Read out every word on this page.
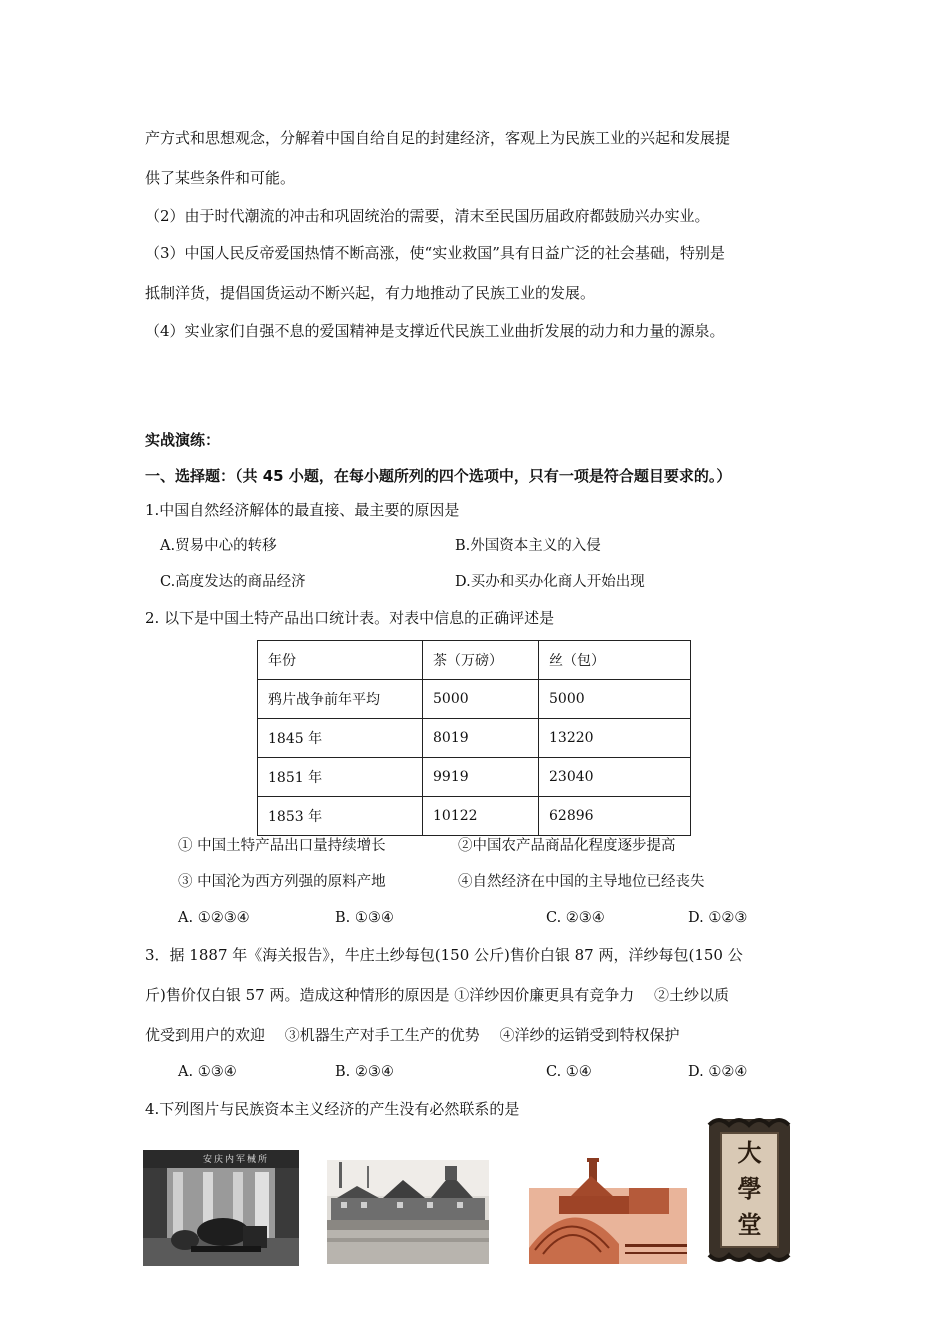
产方式和思想观念，分解着中国自给自足的封建经济，客观上为民族工业的兴起和发展提
供了某些条件和可能。
（2）由于时代潮流的冲击和巩固统治的需要，清末至民国历届政府都鼓励兴办实业。
（3）中国人民反帝爱国热情不断高涨，使“实业救国”具有日益广泛的社会基础，特别是
抵制洋货，提倡国货运动不断兴起，有力地推动了民族工业的发展。
（4）实业家们自强不息的爱国精神是支撑近代民族工业曲折发展的动力和力量的源泉。
实战演练：
一、选择题：（共 45 小题，在每小题所列的四个选项中，只有一项是符合题目要求的。）
1.中国自然经济解体的最直接、最主要的原因是
A.贸易中心的转移	B.外国资本主义的入侵
C.高度发达的商品经济	D.买办和买办化商人开始出现
2. 以下是中国土特产品出口统计表。对表中信息的正确评述是
年份	茶（万磅）	丝（包）
鸦片战争前年平均	5000	5000
1845 年	8019	13220
1851 年	9919	23040
1853 年	10122	62896
① 中国土特产品出口量持续增长	②中国农产品商品化程度逐步提高
③ 中国沦为西方列强的原料产地	④自然经济在中国的主导地位已经丧失
A. ①②③④	B. ①③④	C. ②③④	D. ①②③
3．据 1887 年《海关报告》，牛庄土纱每包(150 公斤)售价白银 87 两，洋纱每包(150 公
斤)售价仅白银 57 两。造成这种情形的原因是 ①洋纱因价廉更具有竞争力　 ②土纱以质
优受到用户的欢迎　 ③机器生产对手工生产的优势　 ④洋纱的运销受到特权保护
A. ①③④	B. ②③④	C. ①④	D. ①②④
4.下列图片与民族资本主义经济的产生没有必然联系的是
安庆内军械所	大
學
堂
